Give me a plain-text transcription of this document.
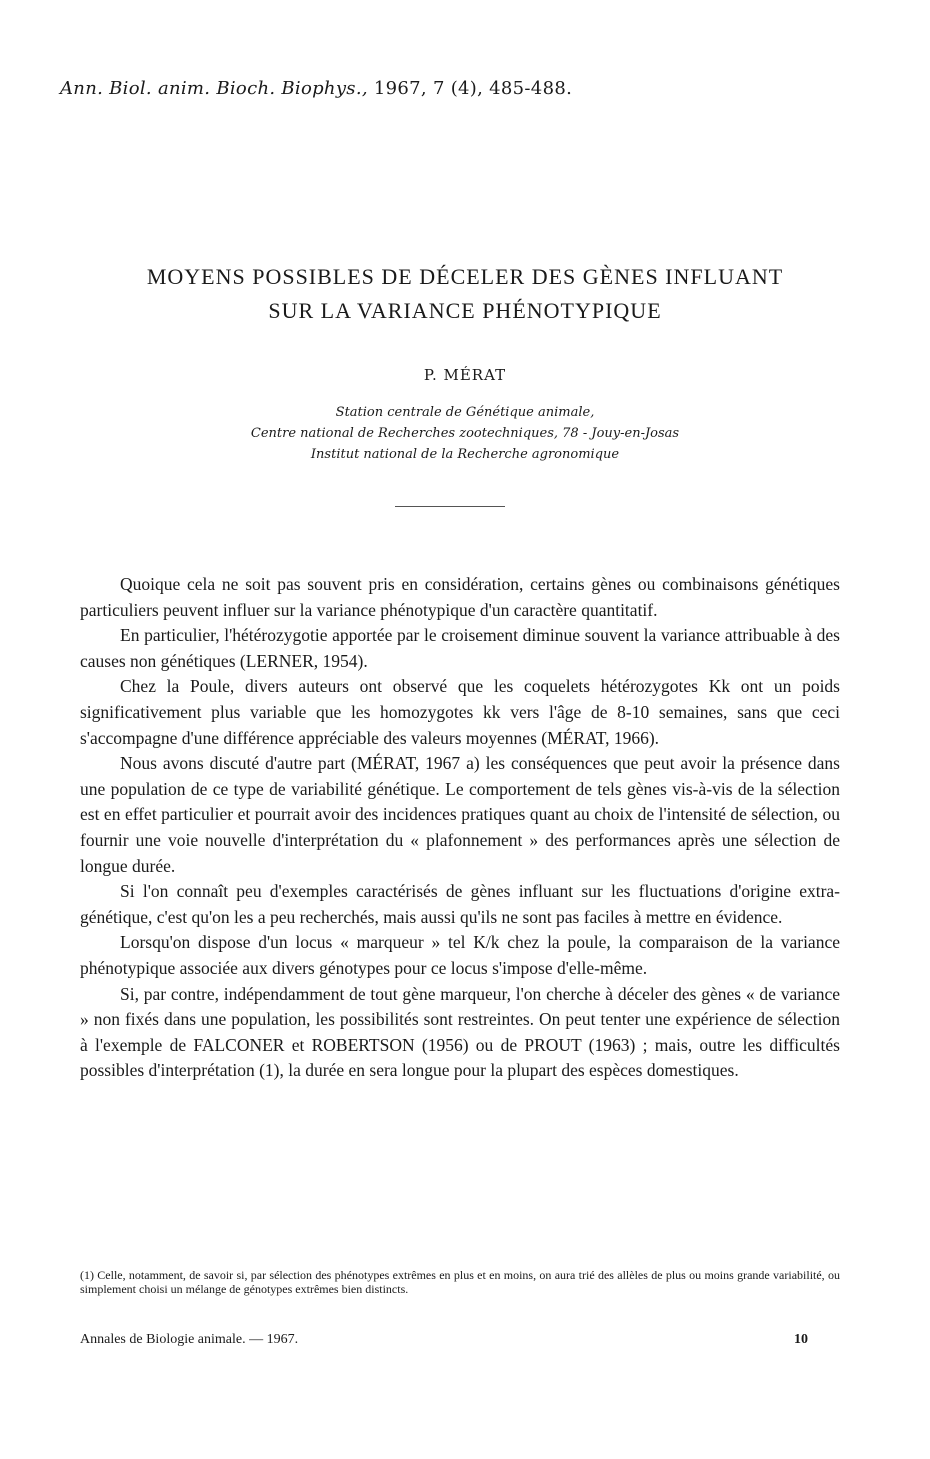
Ann. Biol. anim. Bioch. Biophys., 1967, 7 (4), 485-488.
MOYENS POSSIBLES DE DÉCELER DES GÈNES INFLUANT
SUR LA VARIANCE PHÉNOTYPIQUE
P. MÉRAT
Station centrale de Génétique animale,
Centre national de Recherches zootechniques, 78 - Jouy-en-Josas
Institut national de la Recherche agronomique

Quoique cela ne soit pas souvent pris en considération, certains gènes ou combinaisons génétiques particuliers peuvent influer sur la variance phénotypique d'un caractère quantitatif.

En particulier, l'hétérozygotie apportée par le croisement diminue souvent la variance attribuable à des causes non génétiques (LERNER, 1954).

Chez la Poule, divers auteurs ont observé que les coquelets hétérozygotes Kk ont un poids significativement plus variable que les homozygotes kk vers l'âge de 8-10 semaines, sans que ceci s'accompagne d'une différence appréciable des valeurs moyennes (MÉRAT, 1966).

Nous avons discuté d'autre part (MÉRAT, 1967 a) les conséquences que peut avoir la présence dans une population de ce type de variabilité génétique. Le comportement de tels gènes vis-à-vis de la sélection est en effet particulier et pourrait avoir des incidences pratiques quant au choix de l'intensité de sélection, ou fournir une voie nouvelle d'interprétation du « plafonnement » des performances après une sélection de longue durée.

Si l'on connaît peu d'exemples caractérisés de gènes influant sur les fluctuations d'origine extra-génétique, c'est qu'on les a peu recherchés, mais aussi qu'ils ne sont pas faciles à mettre en évidence.

Lorsqu'on dispose d'un locus « marqueur » tel K/k chez la poule, la comparaison de la variance phénotypique associée aux divers génotypes pour ce locus s'impose d'elle-même.

Si, par contre, indépendamment de tout gène marqueur, l'on cherche à déceler des gènes « de variance » non fixés dans une population, les possibilités sont restreintes. On peut tenter une expérience de sélection à l'exemple de FALCONER et ROBERTSON (1956) ou de PROUT (1963) ; mais, outre les difficultés possibles d'interprétation (1), la durée en sera longue pour la plupart des espèces domestiques.

(1) Celle, notamment, de savoir si, par sélection des phénotypes extrêmes en plus et en moins, on aura trié des allèles de plus ou moins grande variabilité, ou simplement choisi un mélange de génotypes extrêmes bien distincts.
Annales de Biologie animale. — 1967.	10
